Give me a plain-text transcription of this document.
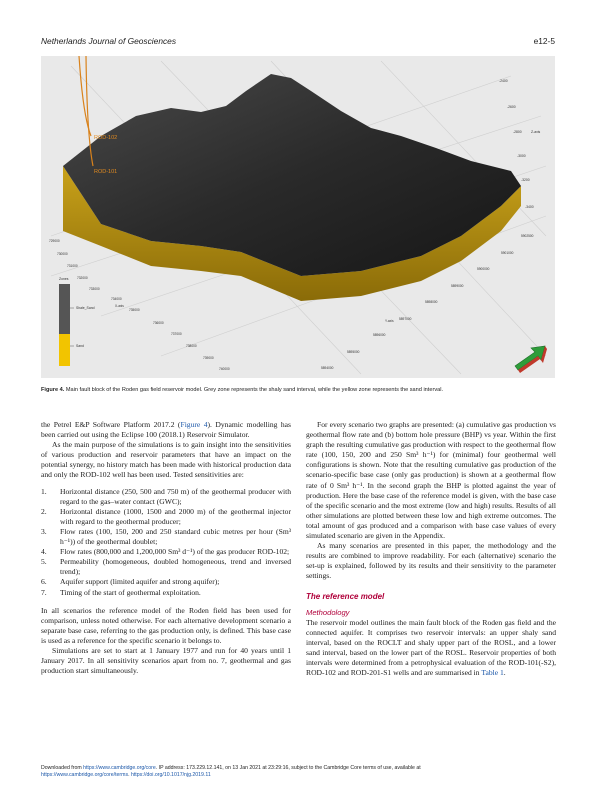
Netherlands Journal of Geosciences	e12-5
ROD-102
ROD-101
-2400
-2600
-2800	Z-axis
-3000
-3200
-3400
729000
730000
731000
732000
733000
734000
735000
736000
737000
738000
739000
740000
X-axis
5902500
5901000
5900000
5899000
5898000
5897000
5896000
5895000
5894000
Y-axis
Zones
Shale_Sand
Sand
Figure 4. Main fault block of the Roden gas field reservoir model. Grey zone represents the shaly sand interval, while the yellow zone represents the sand interval.

the Petrel E&P Software Platform 2017.2 (Figure 4). Dynamic modelling has been carried out using the Eclipse 100 (2018.1) Reservoir Simulator.

As the main purpose of the simulations is to gain insight into the sensitivities of various production and reservoir parameters that have an impact on the potential synergy, no history match has been made with historical production data and only the ROD-102 well has been used. Tested sensitivities are:

1. Horizontal distance (250, 500 and 750 m) of the geothermal producer with regard to the gas–water contact (GWC);
2. Horizontal distance (1000, 1500 and 2000 m) of the geothermal injector with regard to the geothermal producer;
3. Flow rates (100, 150, 200 and 250 standard cubic metres per hour (Sm³ h⁻¹)) of the geothermal doublet;
4. Flow rates (800,000 and 1,200,000 Sm³ d⁻¹) of the gas producer ROD-102;
5. Permeability (homogeneous, doubled homogeneous, trend and inversed trend);
6. Aquifer support (limited aquifer and strong aquifer);
7. Timing of the start of geothermal exploitation.

In all scenarios the reference model of the Roden field has been used for comparison, unless noted otherwise. For each alternative development scenario a separate base case, referring to the gas production only, is defined. This base case is used as a reference for the specific scenario it belongs to.

Simulations are set to start at 1 January 1977 and run for 40 years until 1 January 2017. In all sensitivity scenarios apart from no. 7, geothermal and gas production start simultaneously.

For every scenario two graphs are presented: (a) cumulative gas production vs geothermal flow rate and (b) bottom hole pressure (BHP) vs year. Within the first graph the resulting cumulative gas production with respect to the geothermal flow rate (100, 150, 200 and 250 Sm³ h⁻¹) for (minimal) four geothermal well configurations is shown. Note that the resulting cumulative gas production of the scenario-specific base case (only gas production) is shown at a geothermal flow rate of 0 Sm³ h⁻¹. In the second graph the BHP is plotted against the year of production. Here the base case of the reference model is given, with the base case of the specific scenario and the most extreme (low and high) results. Results of all other simulations are plotted between these low and high extreme outcomes. The total amount of gas produced and a comparison with base case values of every simulated scenario are given in the Appendix.

As many scenarios are presented in this paper, the methodology and the results are combined to improve readability. For each (alternative) scenario the set-up is explained, followed by its results and their sensitivity to the parameter settings.

The reference model
Methodology

The reservoir model outlines the main fault block of the Roden gas field and the connected aquifer. It comprises two reservoir intervals: an upper shaly sand interval, based on the ROCLT and shaly upper part of the ROSL, and a lower sand interval, based on the lower part of the ROSL. Reservoir properties of both intervals were determined from a petrophysical evaluation of the ROD-101(-S2), ROD-102 and ROD-201-S1 wells and are summarised in Table 1.

Downloaded from https://www.cambridge.org/core. IP address: 173.229.12.141, on 13 Jan 2021 at 23:29:16, subject to the Cambridge Core terms of use, available at
https://www.cambridge.org/core/terms. https://doi.org/10.1017/njg.2019.11
